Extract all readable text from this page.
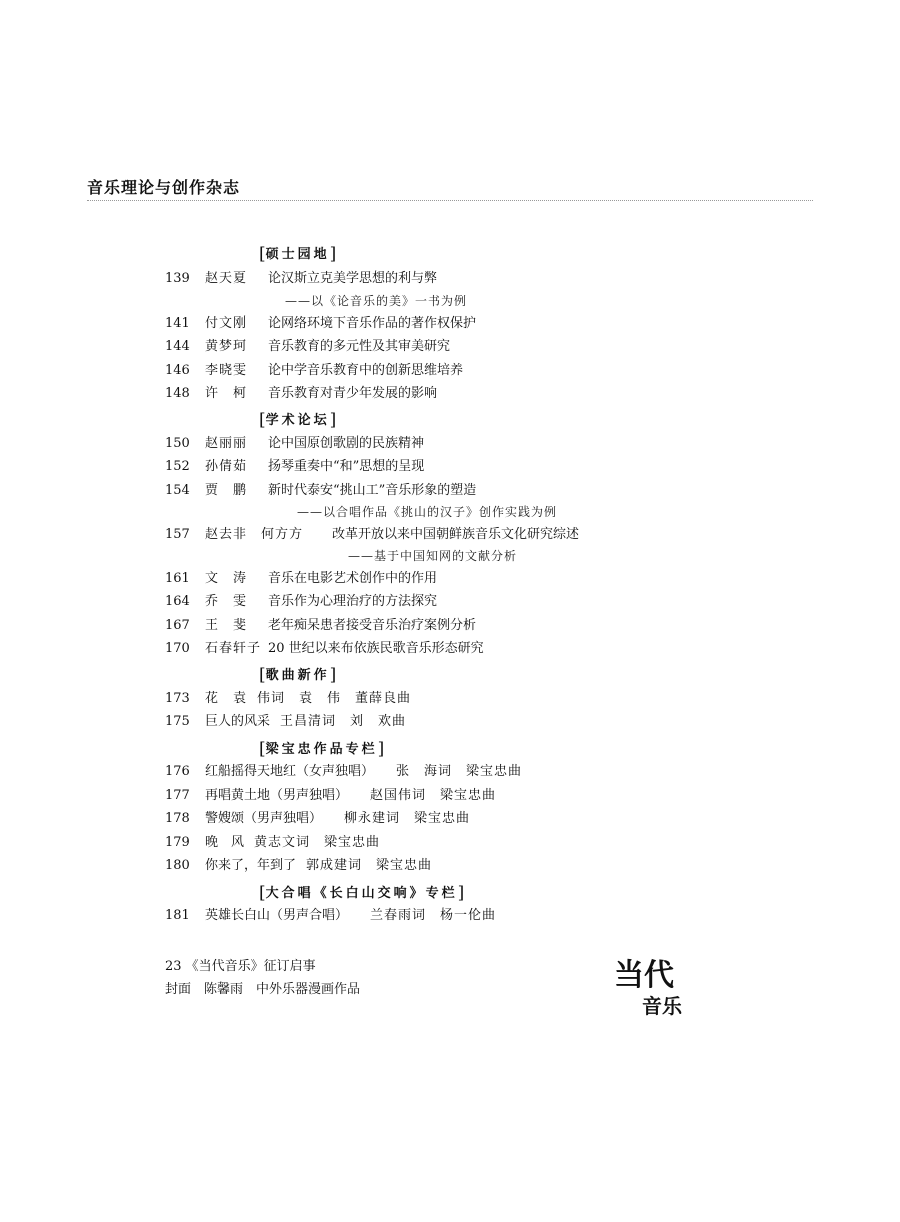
音乐理论与创作杂志
[硕士园地]
139	赵天夏 论汉斯立克美学思想的利与弊
——以《论音乐的美》一书为例
141	付文刚 论网络环境下音乐作品的著作权保护
144	黄梦珂 音乐教育的多元性及其审美研究
146	李晓雯 论中学音乐教育中的创新思维培养
148	许　柯 音乐教育对青少年发展的影响
[学术论坛]
150	赵丽丽 论中国原创歌剧的民族精神
152	孙倩茹 扬琴重奏中“和”思想的呈现
154	贾　鹏 新时代泰安“挑山工”音乐形象的塑造
——以合唱作品《挑山的汉子》创作实践为例
157	赵去非　何方方 改革开放以来中国朝鲜族音乐文化研究综述
——基于中国知网的文献分析
161	文　涛 音乐在电影艺术创作中的作用
164	乔　雯 音乐作为心理治疗的方法探究
167	王　斐 老年痴呆患者接受音乐治疗案例分析
170	石春轩子 20 世纪以来布依族民歌音乐形态研究
[歌曲新作]
173	花　袁 伟词　袁　伟　董薛良曲
175	巨人的风采 王昌清词　刘　欢曲
[梁宝忠作品专栏]
176	红船摇得天地红（女声独唱） 张　海词　梁宝忠曲
177	再唱黄土地（男声独唱） 赵国伟词　梁宝忠曲
178	警嫂颂（男声独唱） 柳永建词　梁宝忠曲
179	晚　风 黄志文词　梁宝忠曲
180	你来了，年到了 郭成建词　梁宝忠曲
[大合唱《长白山交响》专栏]
181	英雄长白山（男声合唱） 兰春雨词　杨一伦曲
23 《当代音乐》征订启事
封面　陈馨雨　中外乐器漫画作品	当代
音乐
